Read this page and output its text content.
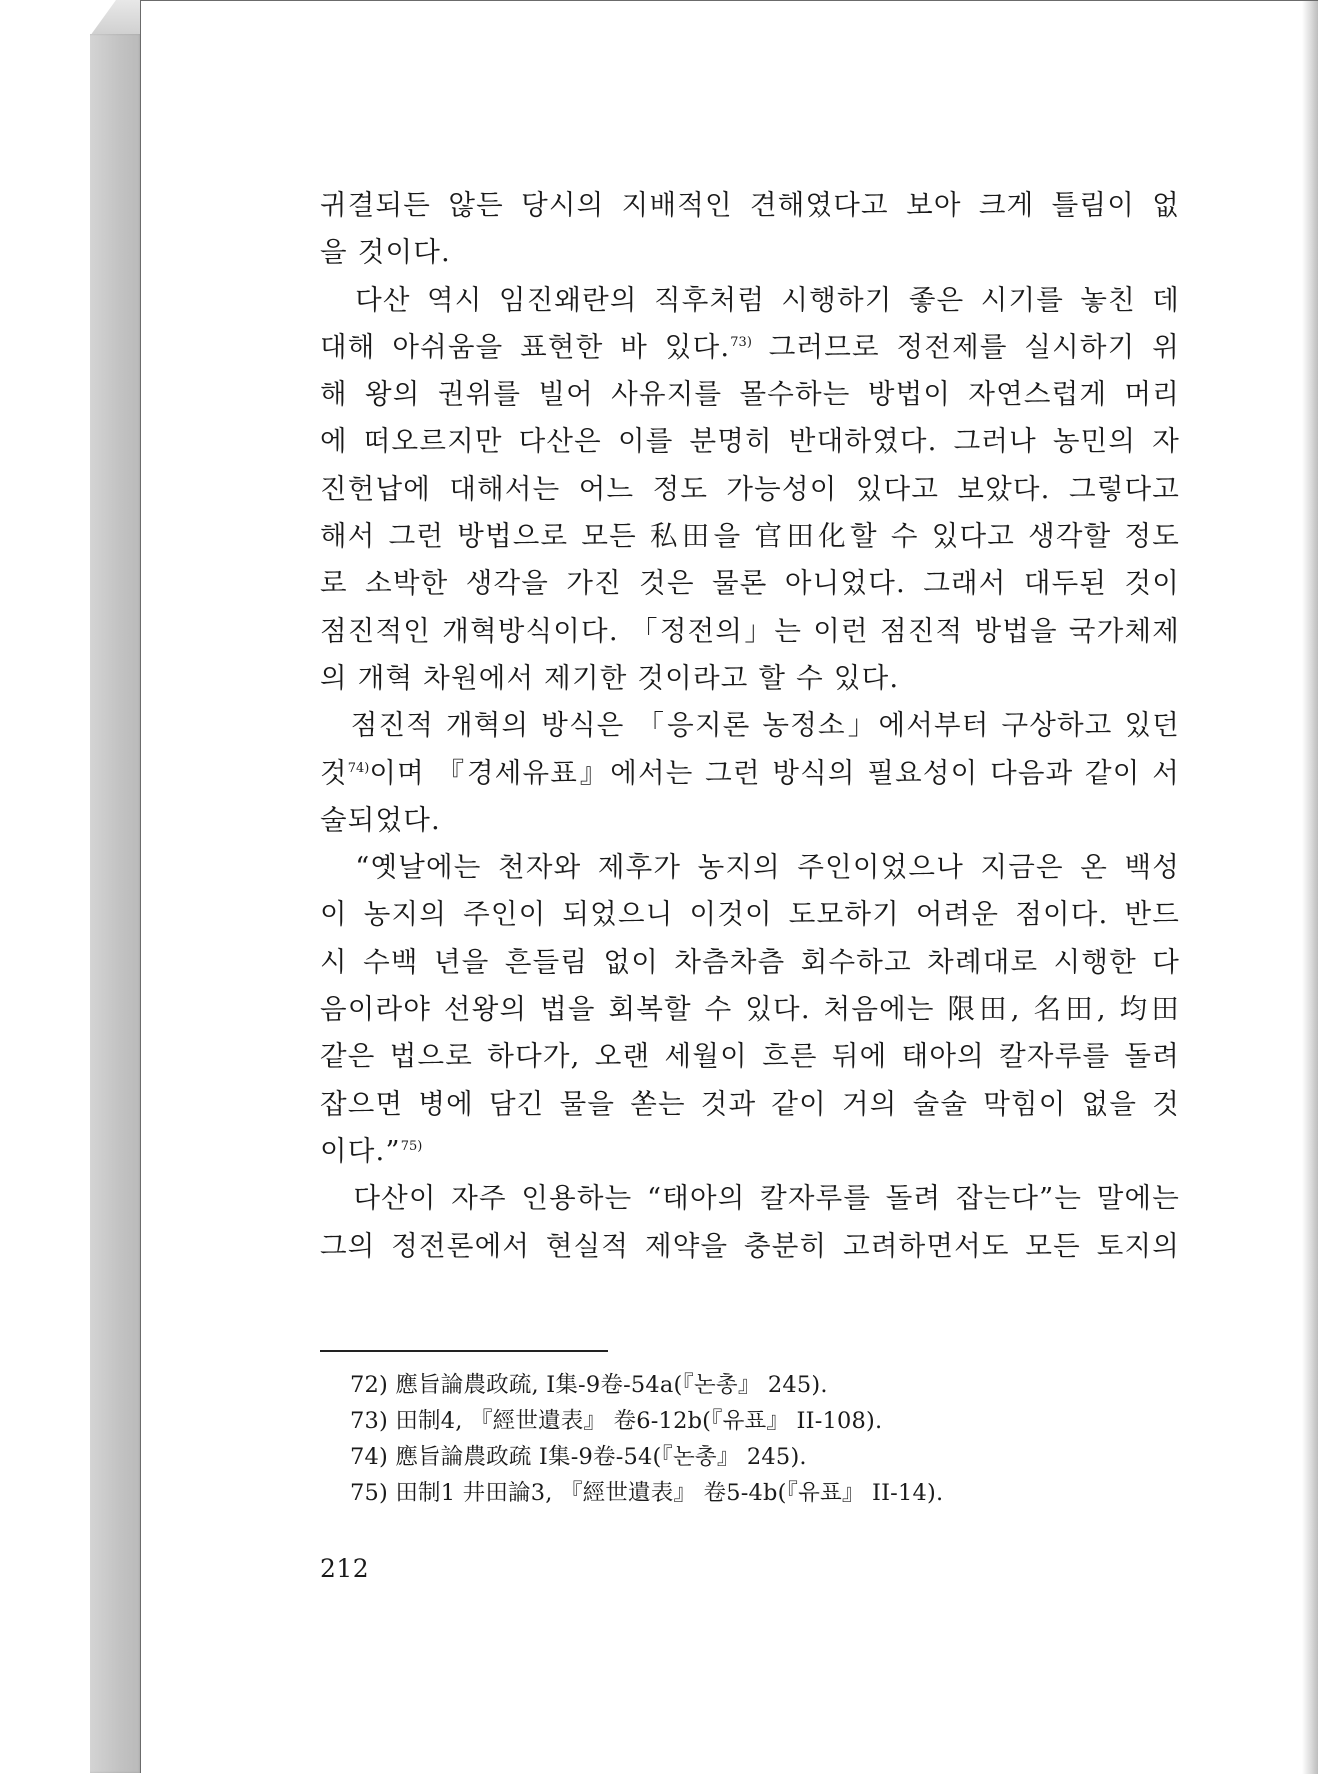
귀결되든 않든 당시의 지배적인 견해였다고 보아 크게 틀림이 없
을 것이다.

　다산 역시 임진왜란의 직후처럼 시행하기 좋은 시기를 놓친 데
대해 아쉬움을 표현한 바 있다.$^{73)}$ 그러므로 정전제를 실시하기 위
해 왕의 권위를 빌어 사유지를 몰수하는 방법이 자연스럽게 머리
에 떠오르지만 다산은 이를 분명히 반대하였다. 그러나 농민의 자
진헌납에 대해서는 어느 정도 가능성이 있다고 보았다. 그렇다고
해서 그런 방법으로 모든 私田을 官田化할 수 있다고 생각할 정도
로 소박한 생각을 가진 것은 물론 아니었다. 그래서 대두된 것이
점진적인 개혁방식이다. 「정전의」는 이런 점진적 방법을 국가체제
의 개혁 차원에서 제기한 것이라고 할 수 있다.

　점진적 개혁의 방식은 「응지론 농정소」에서부터 구상하고 있던
것$^{74)}$이며 『경세유표』에서는 그런 방식의 필요성이 다음과 같이 서
술되었다.

　“옛날에는 천자와 제후가 농지의 주인이었으나 지금은 온 백성
이 농지의 주인이 되었으니 이것이 도모하기 어려운 점이다. 반드
시 수백 년을 흔들림 없이 차츰차츰 회수하고 차례대로 시행한 다
음이라야 선왕의 법을 회복할 수 있다. 처음에는 限田, 名田, 均田
같은 법으로 하다가, 오랜 세월이 흐른 뒤에 태아의 칼자루를 돌려
잡으면 병에 담긴 물을 쏟는 것과 같이 거의 술술 막힘이 없을 것
이다.”$^{75)}$

　다산이 자주 인용하는 “태아의 칼자루를 돌려 잡는다”는 말에는
그의 정전론에서 현실적 제약을 충분히 고려하면서도 모든 토지의

72) 應旨論農政疏, I集-9卷-54a(『논총』 245).
73) 田制4, 『經世遺表』 卷6-12b(『유표』 II-108).
74) 應旨論農政疏 I集-9卷-54(『논총』 245).
75) 田制1 井田論3, 『經世遺表』 卷5-4b(『유표』 II-14).
212
